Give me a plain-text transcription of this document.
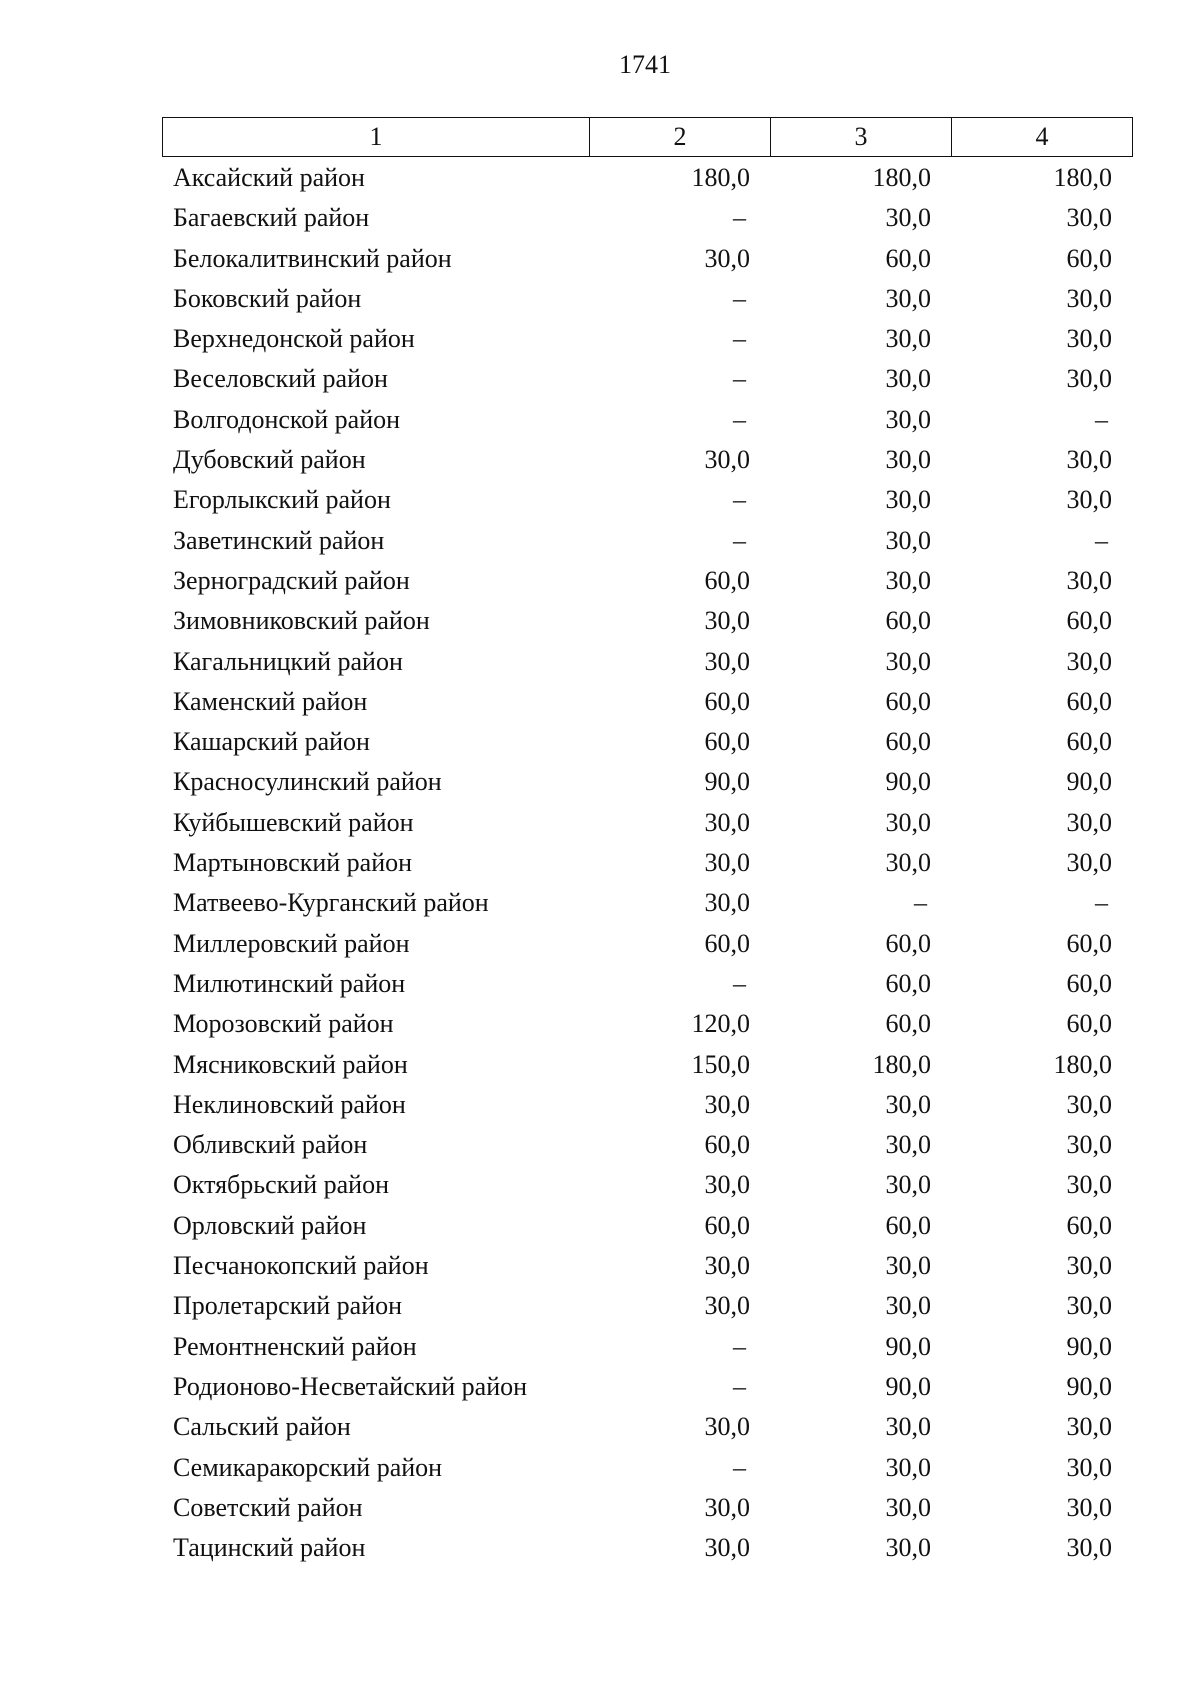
1741
1	2	3	4
Аксайский район	180,0	180,0	180,0
Багаевский район	–	30,0	30,0
Белокалитвинский район	30,0	60,0	60,0
Боковский район	–	30,0	30,0
Верхнедонской район	–	30,0	30,0
Веселовский район	–	30,0	30,0
Волгодонской район	–	30,0	–
Дубовский район	30,0	30,0	30,0
Егорлыкский район	–	30,0	30,0
Заветинский район	–	30,0	–
Зерноградский район	60,0	30,0	30,0
Зимовниковский район	30,0	60,0	60,0
Кагальницкий район	30,0	30,0	30,0
Каменский район	60,0	60,0	60,0
Кашарский район	60,0	60,0	60,0
Красносулинский район	90,0	90,0	90,0
Куйбышевский район	30,0	30,0	30,0
Мартыновский район	30,0	30,0	30,0
Матвеево-Курганский район	30,0	–	–
Миллеровский район	60,0	60,0	60,0
Милютинский район	–	60,0	60,0
Морозовский район	120,0	60,0	60,0
Мясниковский район	150,0	180,0	180,0
Неклиновский район	30,0	30,0	30,0
Обливский район	60,0	30,0	30,0
Октябрьский район	30,0	30,0	30,0
Орловский район	60,0	60,0	60,0
Песчанокопский район	30,0	30,0	30,0
Пролетарский район	30,0	30,0	30,0
Ремонтненский район	–	90,0	90,0
Родионово-Несветайский район	–	90,0	90,0
Сальский район	30,0	30,0	30,0
Семикаракорский район	–	30,0	30,0
Советский район	30,0	30,0	30,0
Тацинский район	30,0	30,0	30,0
